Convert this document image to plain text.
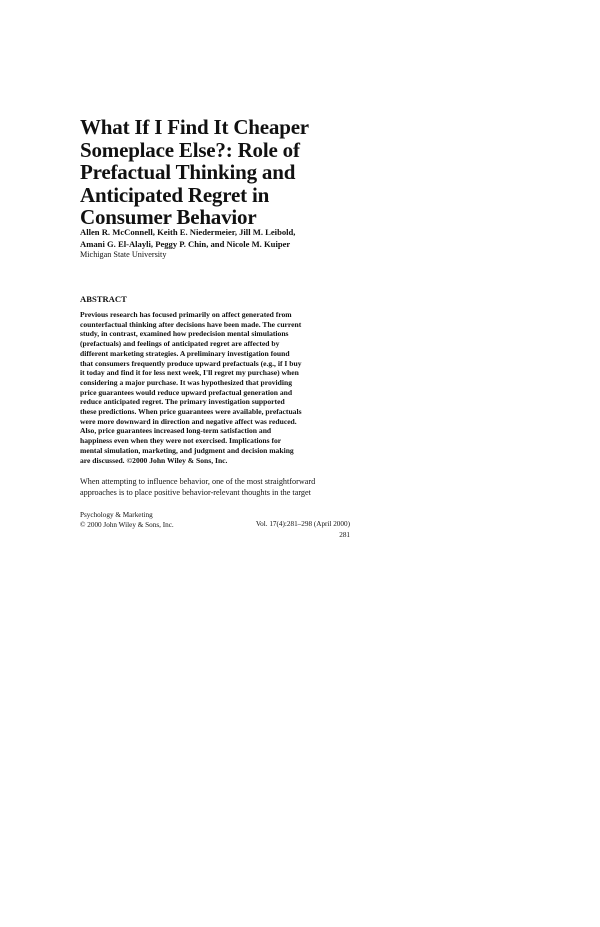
What If I Find It Cheaper
Someplace Else?: Role of
Prefactual Thinking and
Anticipated Regret in
Consumer Behavior
Allen R. McConnell, Keith E. Niedermeier, Jill M. Leibold,
Amani G. El-Alayli, Peggy P. Chin, and Nicole M. Kuiper
Michigan State University
ABSTRACT
Previous research has focused primarily on affect generated from
counterfactual thinking after decisions have been made. The current
study, in contrast, examined how predecision mental simulations
(prefactuals) and feelings of anticipated regret are affected by
different marketing strategies. A preliminary investigation found
that consumers frequently produce upward prefactuals (e.g., if I buy
it today and find it for less next week, I'll regret my purchase) when
considering a major purchase. It was hypothesized that providing
price guarantees would reduce upward prefactual generation and
reduce anticipated regret. The primary investigation supported
these predictions. When price guarantees were available, prefactuals
were more downward in direction and negative affect was reduced.
Also, price guarantees increased long-term satisfaction and
happiness even when they were not exercised. Implications for
mental simulation, marketing, and judgment and decision making
are discussed. ©2000 John Wiley & Sons, Inc.
When attempting to influence behavior, one of the most straightforward
approaches is to place positive behavior-relevant thoughts in the target
Psychology & Marketing
© 2000 John Wiley & Sons, Inc.	Vol. 17(4):281–298 (April 2000)
281
